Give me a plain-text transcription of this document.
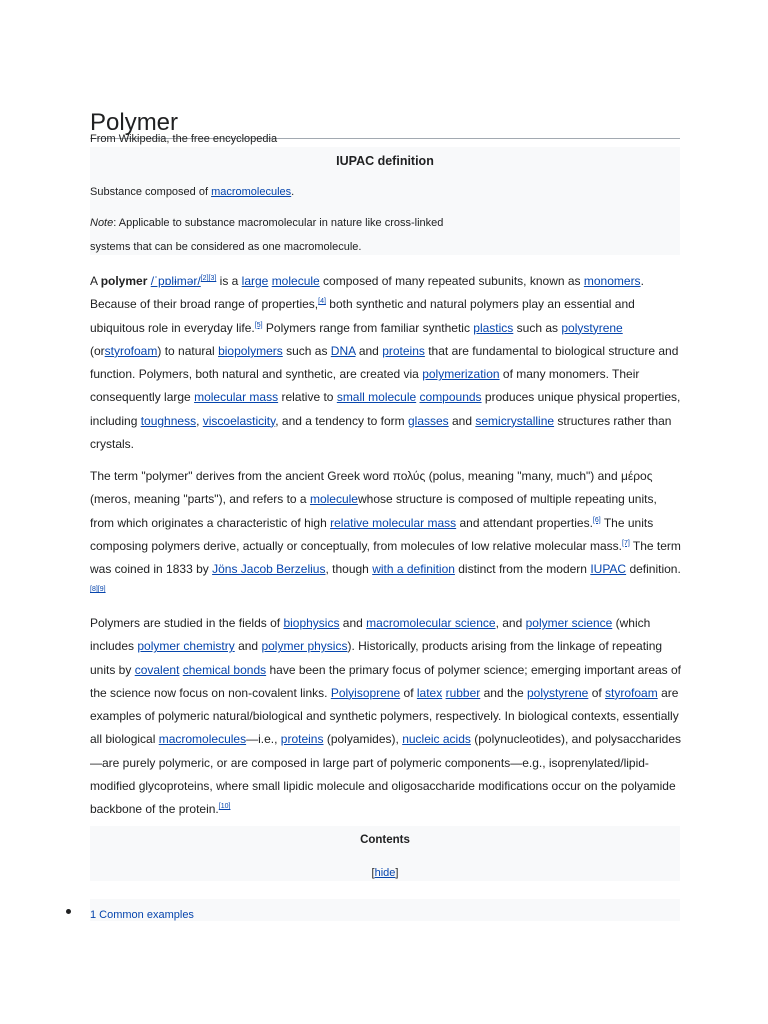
Polymer
From Wikipedia, the free encyclopedia
IUPAC definition
Substance composed of macromolecules.
Note: Applicable to substance macromolecular in nature like cross-linked
systems that can be considered as one macromolecule.

A polymer /ˈpɒlɨmər/[2][3] is a large molecule composed of many repeated subunits, known as monomers. Because of their broad range of properties,[4] both synthetic and natural polymers play an essential and ubiquitous role in everyday life.[5] Polymers range from familiar synthetic plastics such as polystyrene (orstyrofoam) to natural biopolymers such as DNA and proteins that are fundamental to biological structure and function. Polymers, both natural and synthetic, are created via polymerization of many monomers. Their consequently large molecular mass relative to small molecule compounds produces unique physical properties, including toughness, viscoelasticity, and a tendency to form glasses and semicrystalline structures rather than crystals.

The term "polymer" derives from the ancient Greek word πολύς (polus, meaning "many, much") and μέρος (meros, meaning "parts"), and refers to a moleculewhose structure is composed of multiple repeating units, from which originates a characteristic of high relative molecular mass and attendant properties.[6] The units composing polymers derive, actually or conceptually, from molecules of low relative molecular mass.[7] The term was coined in 1833 by Jöns Jacob Berzelius, though with a definition distinct from the modern IUPAC definition.[8][9]

Polymers are studied in the fields of biophysics and macromolecular science, and polymer science (which includes polymer chemistry and polymer physics). Historically, products arising from the linkage of repeating units by covalent chemical bonds have been the primary focus of polymer science; emerging important areas of the science now focus on non-covalent links. Polyisoprene of latex rubber and the polystyrene of styrofoam are examples of polymeric natural/biological and synthetic polymers, respectively. In biological contexts, essentially all biological macromolecules—i.e., proteins (polyamides), nucleic acids (polynucleotides), and polysaccharides—are purely polymeric, or are composed in large part of polymeric components—e.g., isoprenylated/lipid-modified glycoproteins, where small lipidic molecule and oligosaccharide modifications occur on the polyamide backbone of the protein.[10]

Contents
[hide]
1 Common examples
